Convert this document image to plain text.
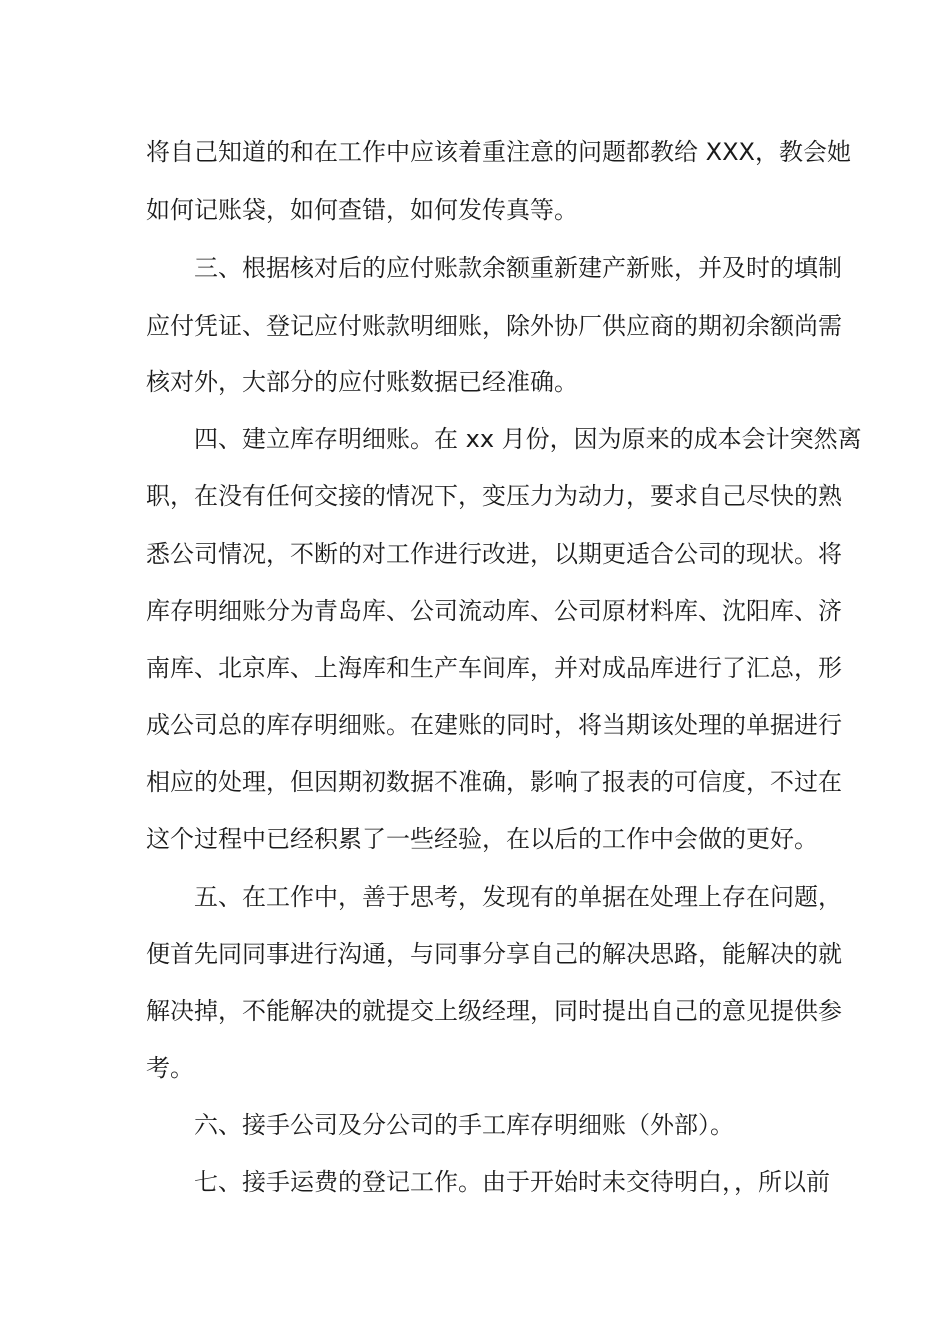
将自己知道的和在工作中应该着重注意的问题都教给 XXX，教会她
如何记账袋，如何查错，如何发传真等。
三、根据核对后的应付账款余额重新建产新账，并及时的填制
应付凭证、登记应付账款明细账，除外协厂供应商的期初余额尚需
核对外，大部分的应付账数据已经准确。
四、建立库存明细账。在 xx 月份，因为原来的成本会计突然离
职，在没有任何交接的情况下，变压力为动力，要求自己尽快的熟
悉公司情况，不断的对工作进行改进，以期更适合公司的现状。将
库存明细账分为青岛库、公司流动库、公司原材料库、沈阳库、济
南库、北京库、上海库和生产车间库，并对成品库进行了汇总，形
成公司总的库存明细账。在建账的同时，将当期该处理的单据进行
相应的处理，但因期初数据不准确，影响了报表的可信度，不过在
这个过程中已经积累了一些经验，在以后的工作中会做的更好。
五、在工作中，善于思考，发现有的单据在处理上存在问题，
便首先同同事进行沟通，与同事分享自己的解决思路，能解决的就
解决掉，不能解决的就提交上级经理，同时提出自己的意见提供参
考。
六、接手公司及分公司的手工库存明细账（外部）。
七、接手运费的登记工作。由于开始时未交待明白，，所以前
